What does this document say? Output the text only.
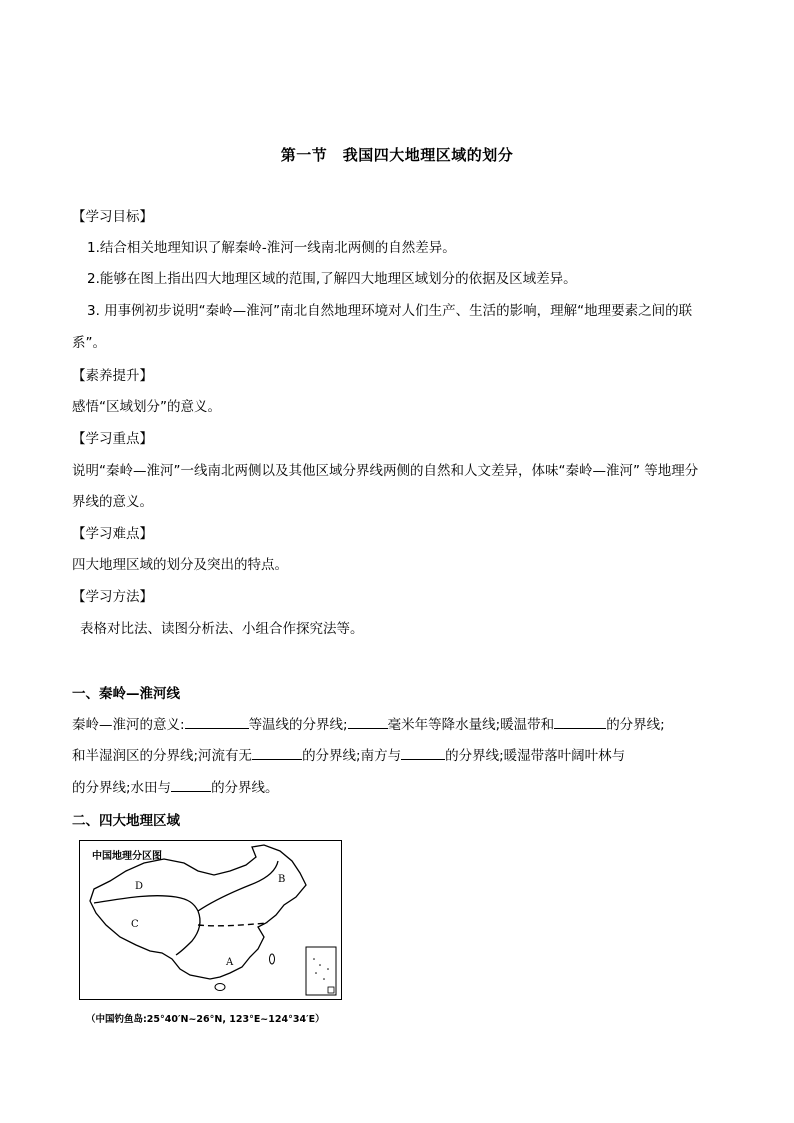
第一节　我国四大地理区域的划分
【学习目标】
1.结合相关地理知识了解秦岭-淮河一线南北两侧的自然差异。
2.能够在图上指出四大地理区域的范围,了解四大地理区域划分的依据及区域差异。
3. 用事例初步说明“秦岭—淮河”南北自然地理环境对人们生产、生活的影响，理解“地理要素之间的联
系”。
【素养提升】
感悟“区域划分”的意义。
【学习重点】
说明“秦岭—淮河”一线南北两侧以及其他区域分界线两侧的自然和人文差异，体味“秦岭—淮河” 等地理分
界线的意义。
【学习难点】
四大地理区域的划分及突出的特点。
【学习方法】
表格对比法、读图分析法、小组合作探究法等。
一、秦岭—淮河线
秦岭—淮河的意义:	等温线的分界线;	毫米年等降水量线;暖温带和	的分界线;
和半湿润区的分界线;河流有无	的分界线;南方与	的分界线;暖湿带落叶阔叶林与
的分界线;水田与	的分界线。
二、四大地理区域
中国地理分区图
D
B
C
A
（中国钓鱼岛:25°40′N~26°N, 123°E~124°34′E）
